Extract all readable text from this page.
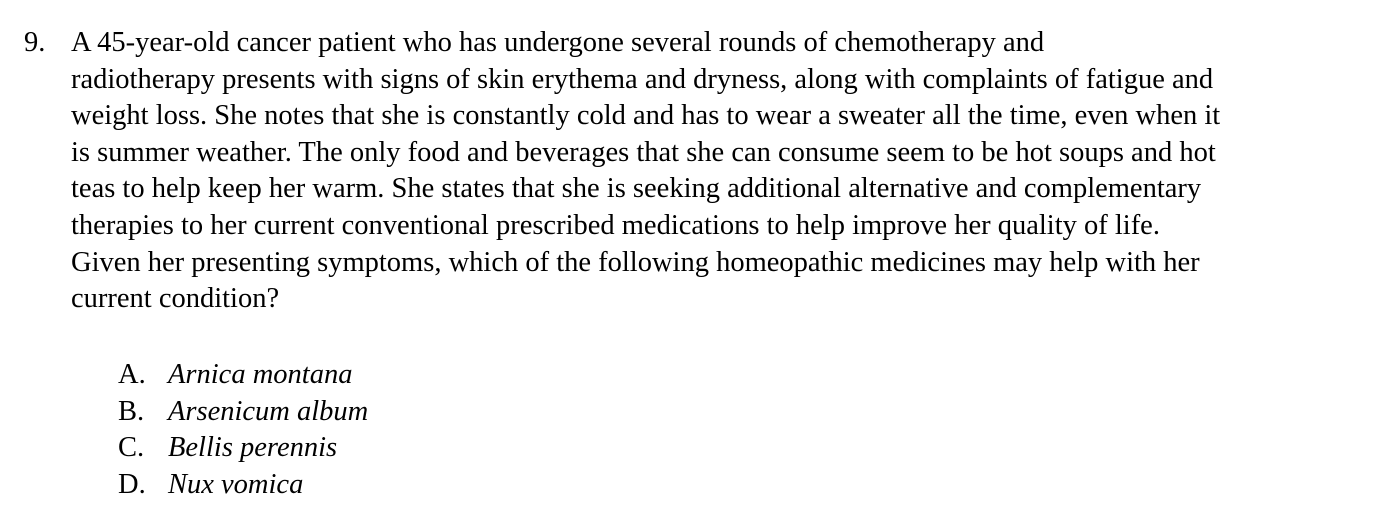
9. A 45-year-old cancer patient who has undergone several rounds of chemotherapy and
radiotherapy presents with signs of skin erythema and dryness, along with complaints of fatigue and
weight loss. She notes that she is constantly cold and has to wear a sweater all the time, even when it
is summer weather. The only food and beverages that she can consume seem to be hot soups and hot
teas to help keep her warm. She states that she is seeking additional alternative and complementary
therapies to her current conventional prescribed medications to help improve her quality of life.
Given her presenting symptoms, which of the following homeopathic medicines may help with her
current condition?
A. Arnica montana
B. Arsenicum album
C. Bellis perennis
D. Nux vomica
